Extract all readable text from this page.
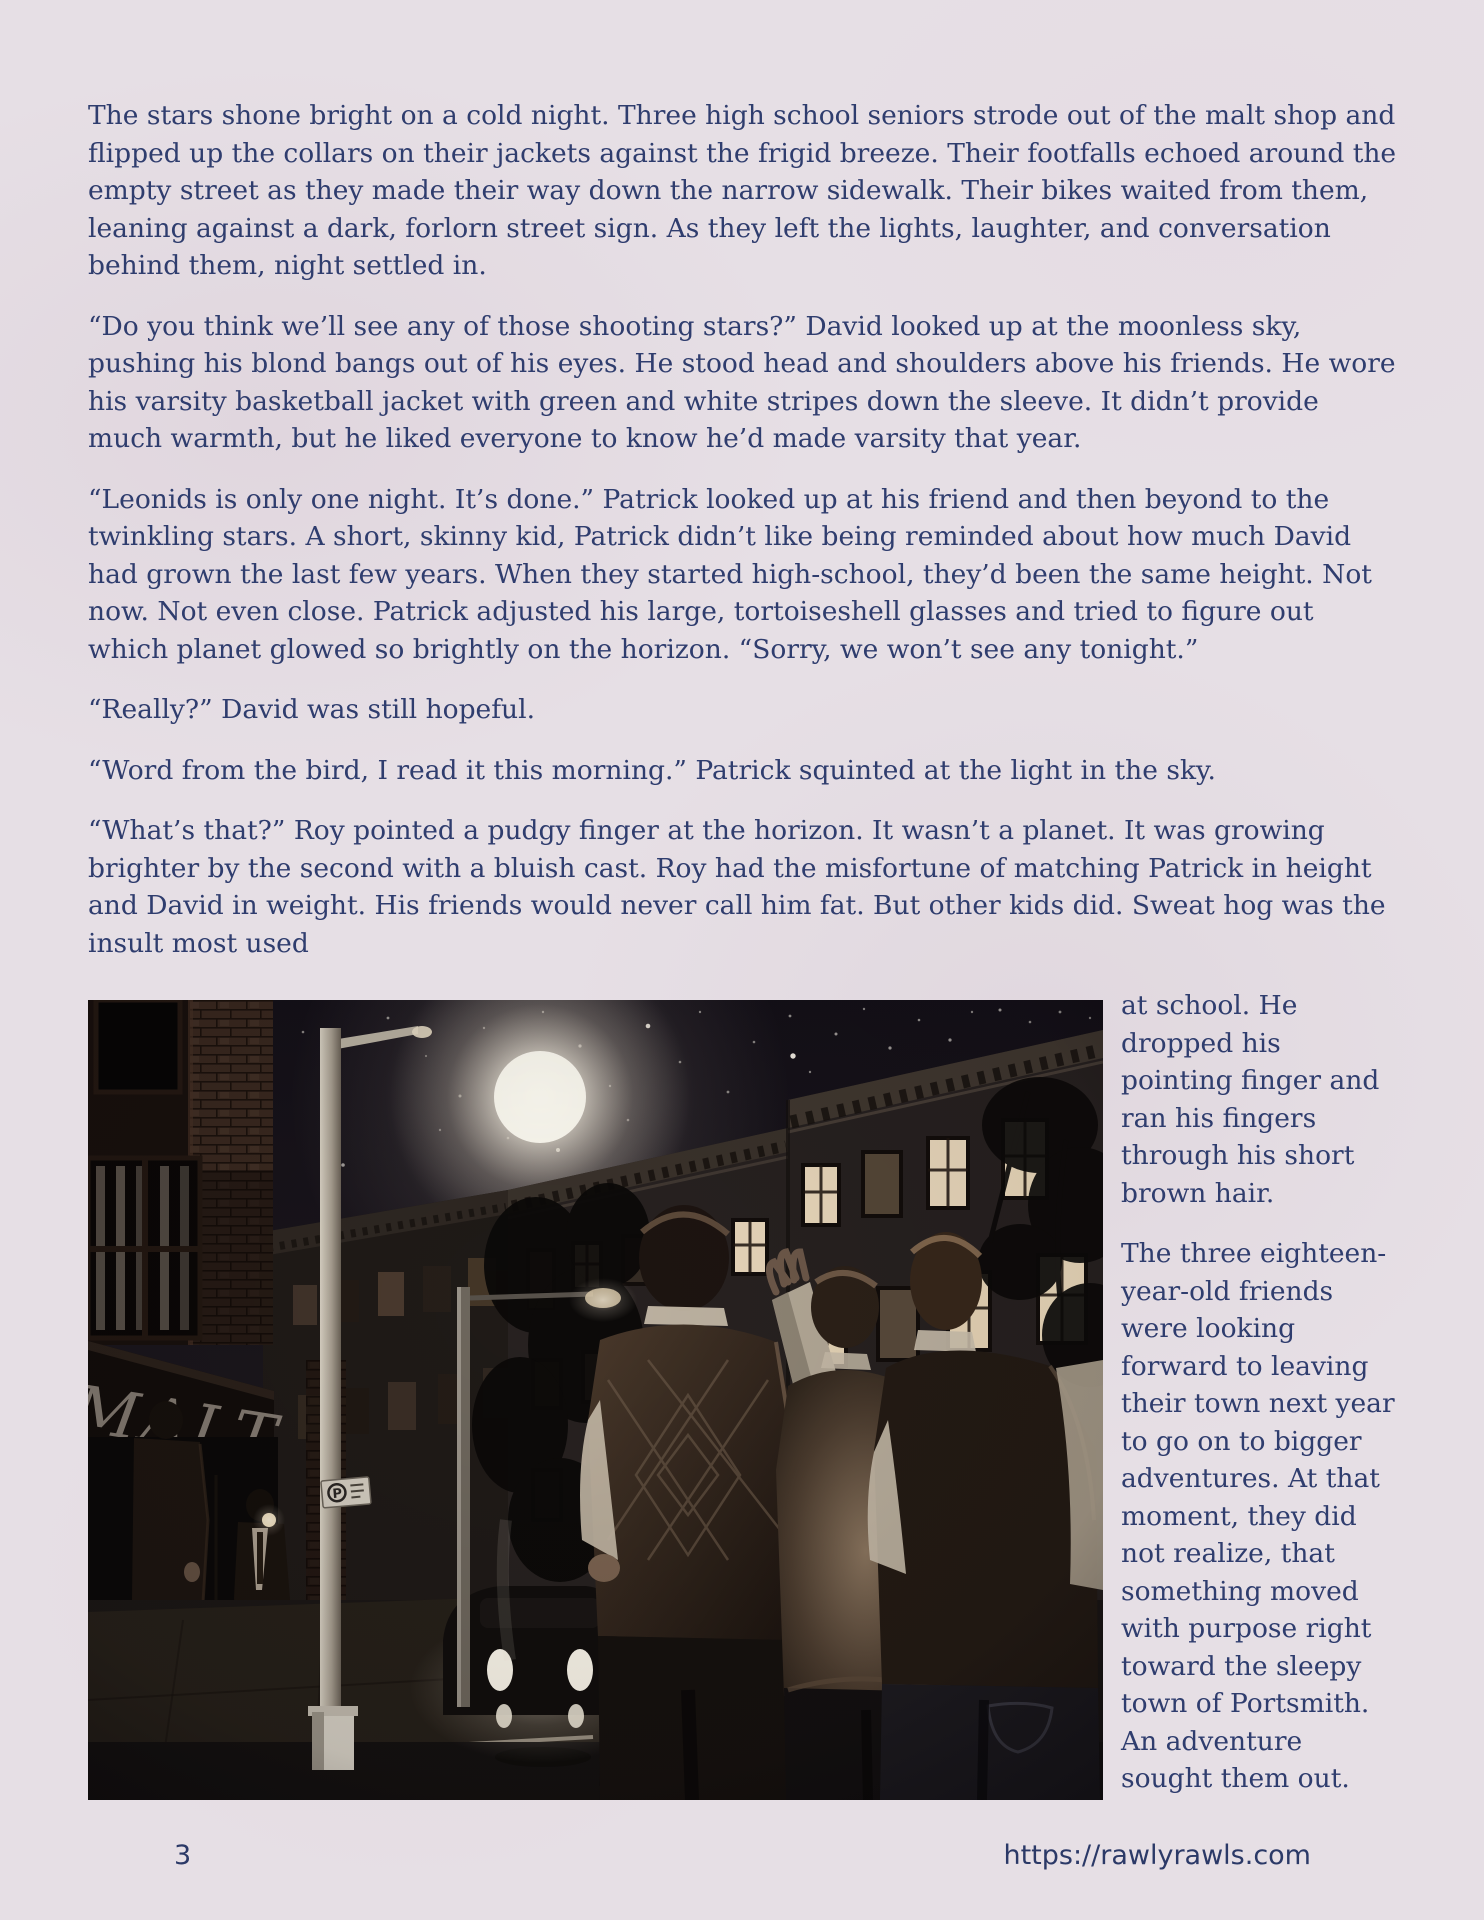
The stars shone bright on a cold night. Three high school seniors strode out of the malt shop and flipped up the collars on their jackets against the frigid breeze. Their footfalls echoed around the empty street as they made their way down the narrow sidewalk. Their bikes waited from them, leaning against a dark, forlorn street sign. As they left the lights, laughter, and conversation behind them, night settled in.

“Do you think we’ll see any of those shooting stars?” David looked up at the moonless sky, pushing his blond bangs out of his eyes. He stood head and shoulders above his friends. He wore his varsity basketball jacket with green and white stripes down the sleeve. It didn’t provide much warmth, but he liked everyone to know he’d made varsity that year.

“Leonids is only one night. It’s done.” Patrick looked up at his friend and then beyond to the twinkling stars. A short, skinny kid, Patrick didn’t like being reminded about how much David had grown the last few years. When they started high-school, they’d been the same height. Not now. Not even close. Patrick adjusted his large, tortoiseshell glasses and tried to figure out which planet glowed so brightly on the horizon. “Sorry, we won’t see any tonight.”

“Really?” David was still hopeful.

“Word from the bird, I read it this morning.” Patrick squinted at the light in the sky.

“What’s that?” Roy pointed a pudgy finger at the horizon. It wasn’t a planet. It was growing brighter by the second with a bluish cast. Roy had the misfortune of matching Patrick in height and David in weight. His friends would never call him fat. But other kids did. Sweat hog was the insult most used

at school. He dropped his pointing finger and ran his fingers through his short brown hair.

The three eighteen-year-old friends were looking forward to leaving their town next year to go on to bigger adventures. At that moment, they did not realize, that something moved with purpose right toward the sleepy town of Portsmith. An adventure sought them out.

3	https://rawlyrawls.com
